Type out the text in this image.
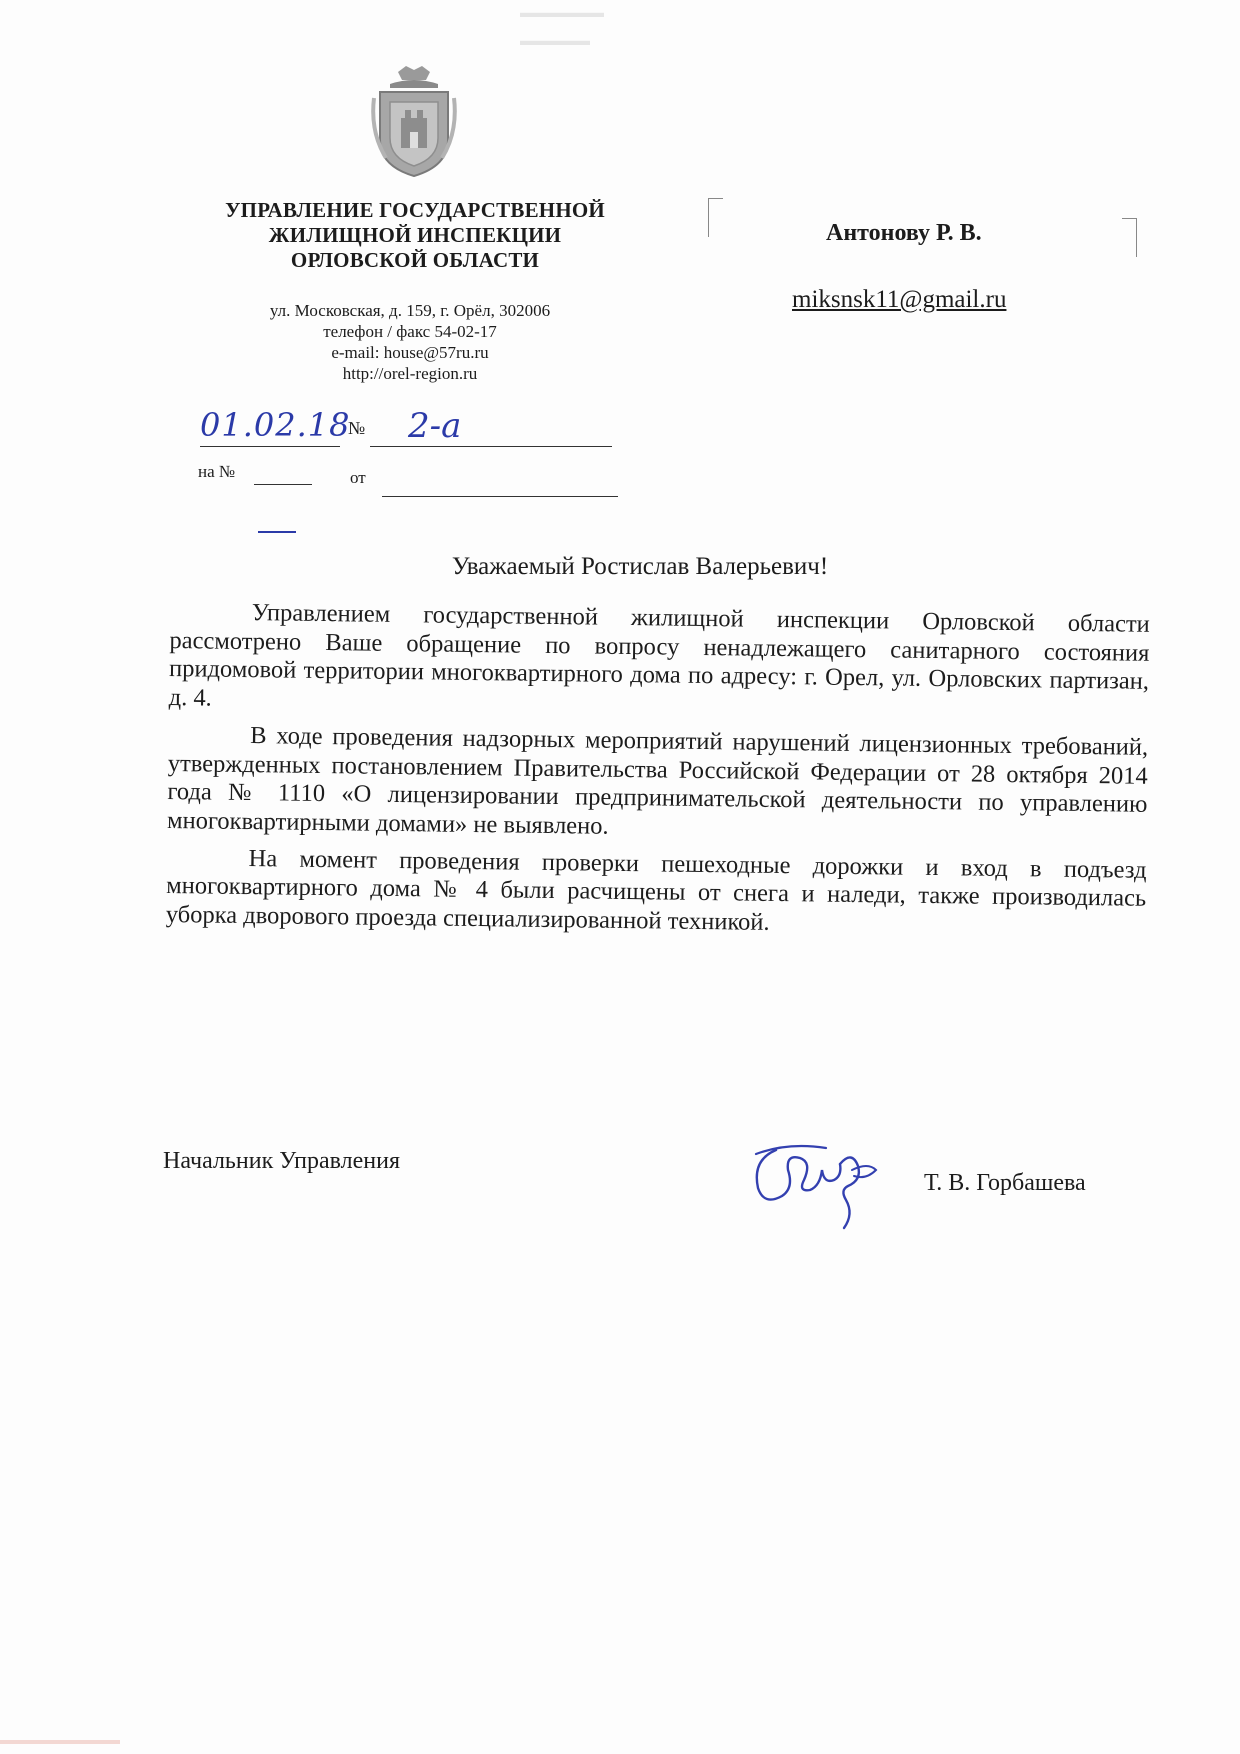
▬▬▬▬▬▬
▬▬▬▬▬
УПРАВЛЕНИЕ ГОСУДАРСТВЕННОЙ
ЖИЛИЩНОЙ ИНСПЕКЦИИ
ОРЛОВСКОЙ ОБЛАСТИ
ул. Московская, д. 159, г. Орёл, 302006
телефон / факс 54-02-17
e-mail: house@57ru.ru
http://orel-region.ru
01.02.18
№ 2-а
на №	от
Антонову Р. В.
miksnsk11@gmail.ru
Уважаемый Ростислав Валерьевич!

Управлением государственной жилищной инспекции Орловской области рассмотрено Ваше обращение по вопросу ненадлежащего санитарного состояния придомовой территории многоквартирного дома по адресу: г. Орел, ул. Орловских партизан, д. 4.

В ходе проведения надзорных мероприятий нарушений лицензионных требований, утвержденных постановлением Правительства Российской Федерации от 28 октября 2014 года № 1110 «О лицензировании предпринимательской деятельности по управлению многоквартирными домами» не выявлено.

На момент проведения проверки пешеходные дорожки и вход в подъезд многоквартирного дома № 4 были расчищены от снега и наледи, также производилась уборка дворового проезда специализированной техникой.

Начальник Управления
Т. В. Горбашева
